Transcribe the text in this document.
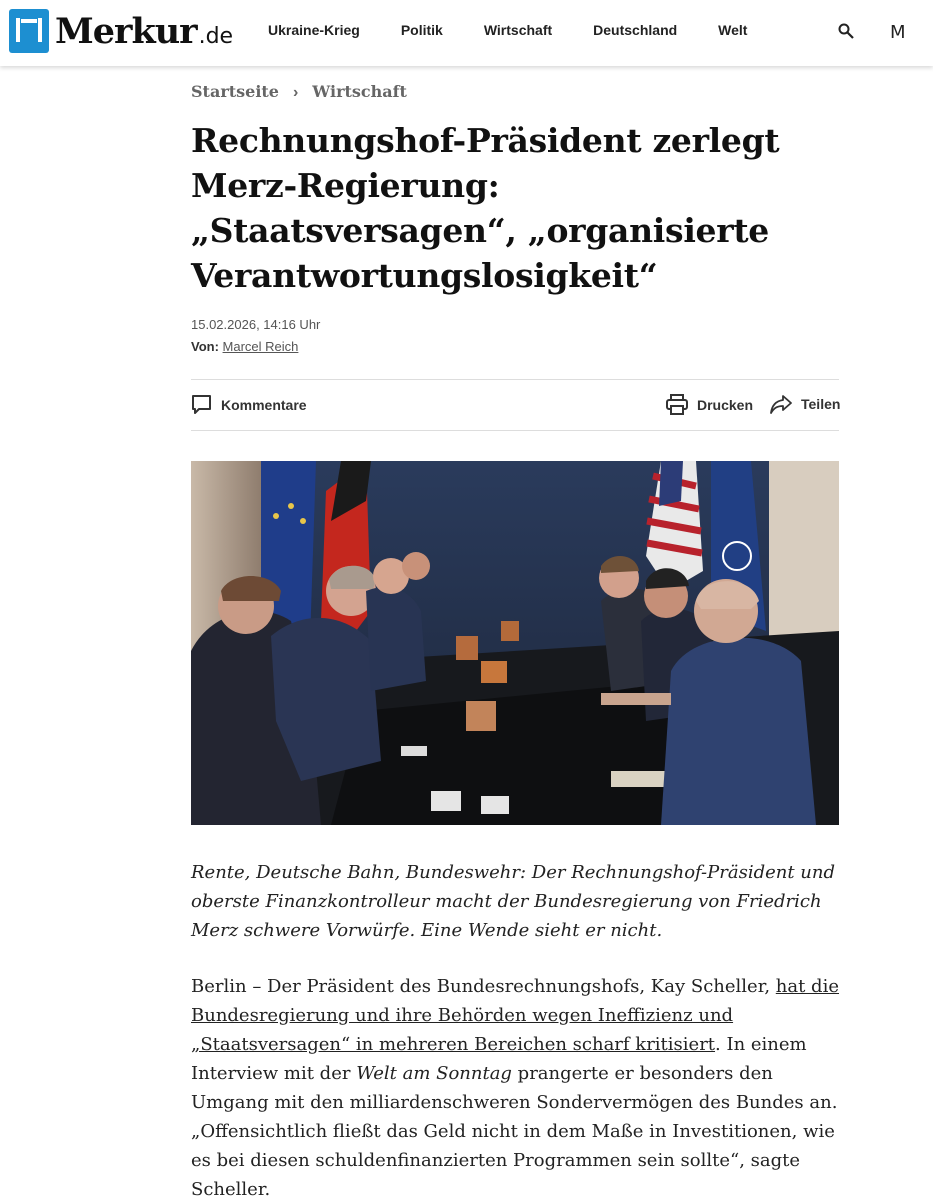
Merkur .de Ukraine-Krieg	Politik	Wirtschaft	Deutschland	Welt	M
Startseite › Wirtschaft
Rechnungshof-Präsident zerlegt Merz-Regierung: „Staatsversagen“, „organisierte Verantwortungslosigkeit“
15.02.2026, 14:16 Uhr
Von: Marcel Reich
Kommentare	Drucken	Teilen

Rente, Deutsche Bahn, Bundeswehr: Der Rechnungshof-Präsident und oberste Finanzkontrolleur macht der Bundesregierung von Friedrich Merz schwere Vorwürfe. Eine Wende sieht er nicht.

Berlin – Der Präsident des Bundesrechnungshofs, Kay Scheller, hat die Bundesregierung und ihre Behörden wegen Ineffizienz und „Staatsversagen“ in mehreren Bereichen scharf kritisiert. In einem Interview mit der Welt am Sonntag prangerte er besonders den Umgang mit den milliardenschweren Sondervermögen des Bundes an. „Offensichtlich fließt das Geld nicht in dem Maße in Investitionen, wie es bei diesen schuldenfinanzierten Programmen sein sollte“, sagte Scheller.
